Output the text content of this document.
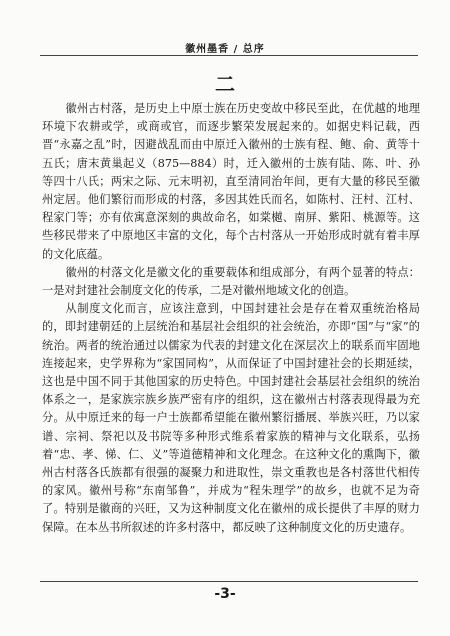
徽州墨香 / 总序
二

徽州古村落，是历史上中原士族在历史变故中移民至此，在优越的地理环境下农耕或学，或商或官，而逐步繁荣发展起来的。如据史料记载，西晋“永嘉之乱”时，因避战乱而由中原迁入徽州的士族有程、鲍、俞、黄等十五氏；唐末黄巢起义（875—884）时，迁入徽州的士族有陆、陈、叶、孙等四十八氏；两宋之际、元末明初，直至清同治年间，更有大量的移民至徽州定居。他们繁衍而形成的村落，多因其姓氏而名，如陈村、汪村、江村、程家门等；亦有依寓意深刻的典故命名，如棠樾、南屏、紫阳、桃源等。这些移民带来了中原地区丰富的文化，每个古村落从一开始形成时就有着丰厚的文化底蕴。

徽州的村落文化是徽文化的重要载体和组成部分，有两个显著的特点：一是对封建社会制度文化的传承，二是对徽州地域文化的创造。

从制度文化而言，应该注意到，中国封建社会是存在着双重统治格局的，即封建朝廷的上层统治和基层社会组织的社会统治，亦即“国”与“家”的统治。两者的统治通过以儒家为代表的封建文化在深层次上的联系而牢固地连接起来，史学界称为“家国同构”，从而保证了中国封建社会的长期延续，这也是中国不同于其他国家的历史特色。中国封建社会基层社会组织的统治体系之一，是家族宗族乡族严密有序的组织，这在徽州古村落表现得最为充分。从中原迁来的每一户士族都希望能在徽州繁衍播展、举族兴旺，乃以家谱、宗祠、祭祀以及书院等多种形式维系着家族的精神与文化联系，弘扬着“忠、孝、悌、仁、义”等道德精神和文化理念。在这种文化的熏陶下，徽州古村落各氏族都有很强的凝聚力和进取性，崇文重教也是各村落世代相传的家风。徽州号称“东南邹鲁”，并成为“程朱理学”的故乡，也就不足为奇了。特别是徽商的兴旺，又为这种制度文化在徽州的成长提供了丰厚的财力保障。在本丛书所叙述的许多村落中，都反映了这种制度文化的历史遗存。

-3-
